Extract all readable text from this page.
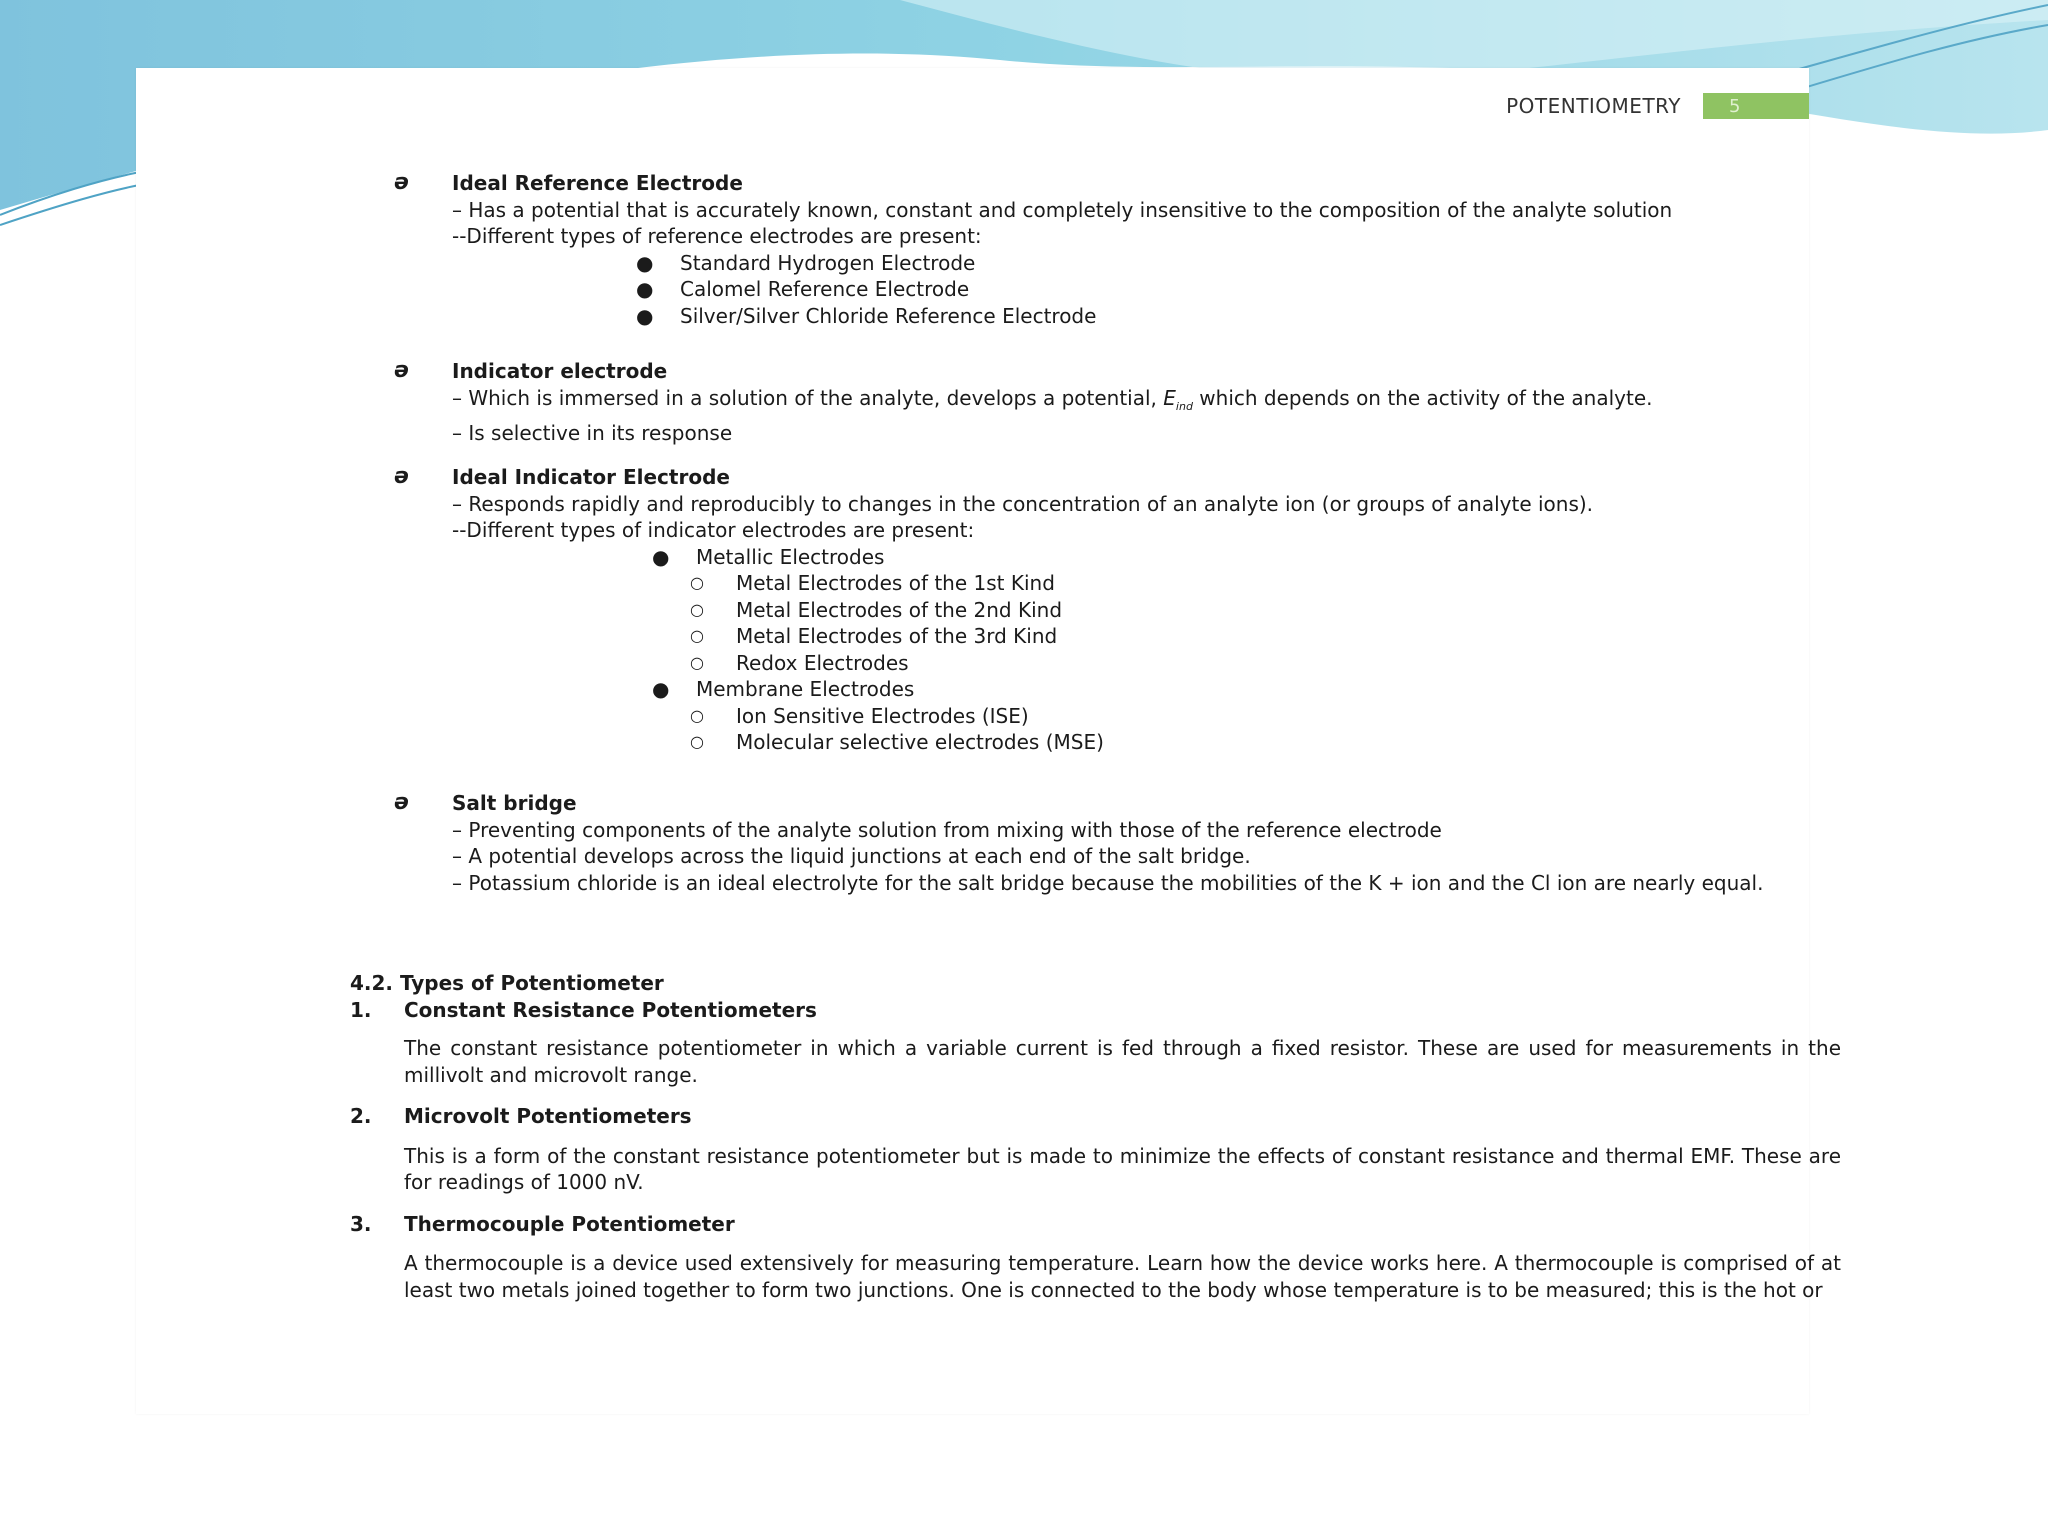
POTENTIOMETRY	5
ə Ideal Reference Electrode
– Has a potential that is accurately known, constant and completely insensitive to the composition of the analyte solution
--Different types of reference electrodes are present:
● Standard Hydrogen Electrode
● Calomel Reference Electrode
● Silver/Silver Chloride Reference Electrode
ə Indicator electrode
– Which is immersed in a solution of the analyte, develops a potential, $E_{ind}$ which depends on the activity of the analyte.
– Is selective in its response
ə Ideal Indicator Electrode
– Responds rapidly and reproducibly to changes in the concentration of an analyte ion (or groups of analyte ions).
--Different types of indicator electrodes are present:
● Metallic Electrodes
○ Metal Electrodes of the 1st Kind
○ Metal Electrodes of the 2nd Kind
○ Metal Electrodes of the 3rd Kind
○ Redox Electrodes
● Membrane Electrodes
○ Ion Sensitive Electrodes (ISE)
○ Molecular selective electrodes (MSE)
ə Salt bridge
– Preventing components of the analyte solution from mixing with those of the reference electrode
– A potential develops across the liquid junctions at each end of the salt bridge.
– Potassium chloride is an ideal electrolyte for the salt bridge because the mobilities of the K + ion and the Cl ion are nearly equal.
4.2. Types of Potentiometer
1. Constant Resistance Potentiometers
The constant resistance potentiometer in which a variable current is fed through a fixed resistor. These are used for measurements in the millivolt and microvolt range.
2. Microvolt Potentiometers
This is a form of the constant resistance potentiometer but is made to minimize the effects of constant resistance and thermal EMF. These are for readings of 1000 nV.
3. Thermocouple Potentiometer
A thermocouple is a device used extensively for measuring temperature. Learn how the device works here. A thermocouple is comprised of at least two metals joined together to form two junctions. One is connected to the body whose temperature is to be measured; this is the hot or
